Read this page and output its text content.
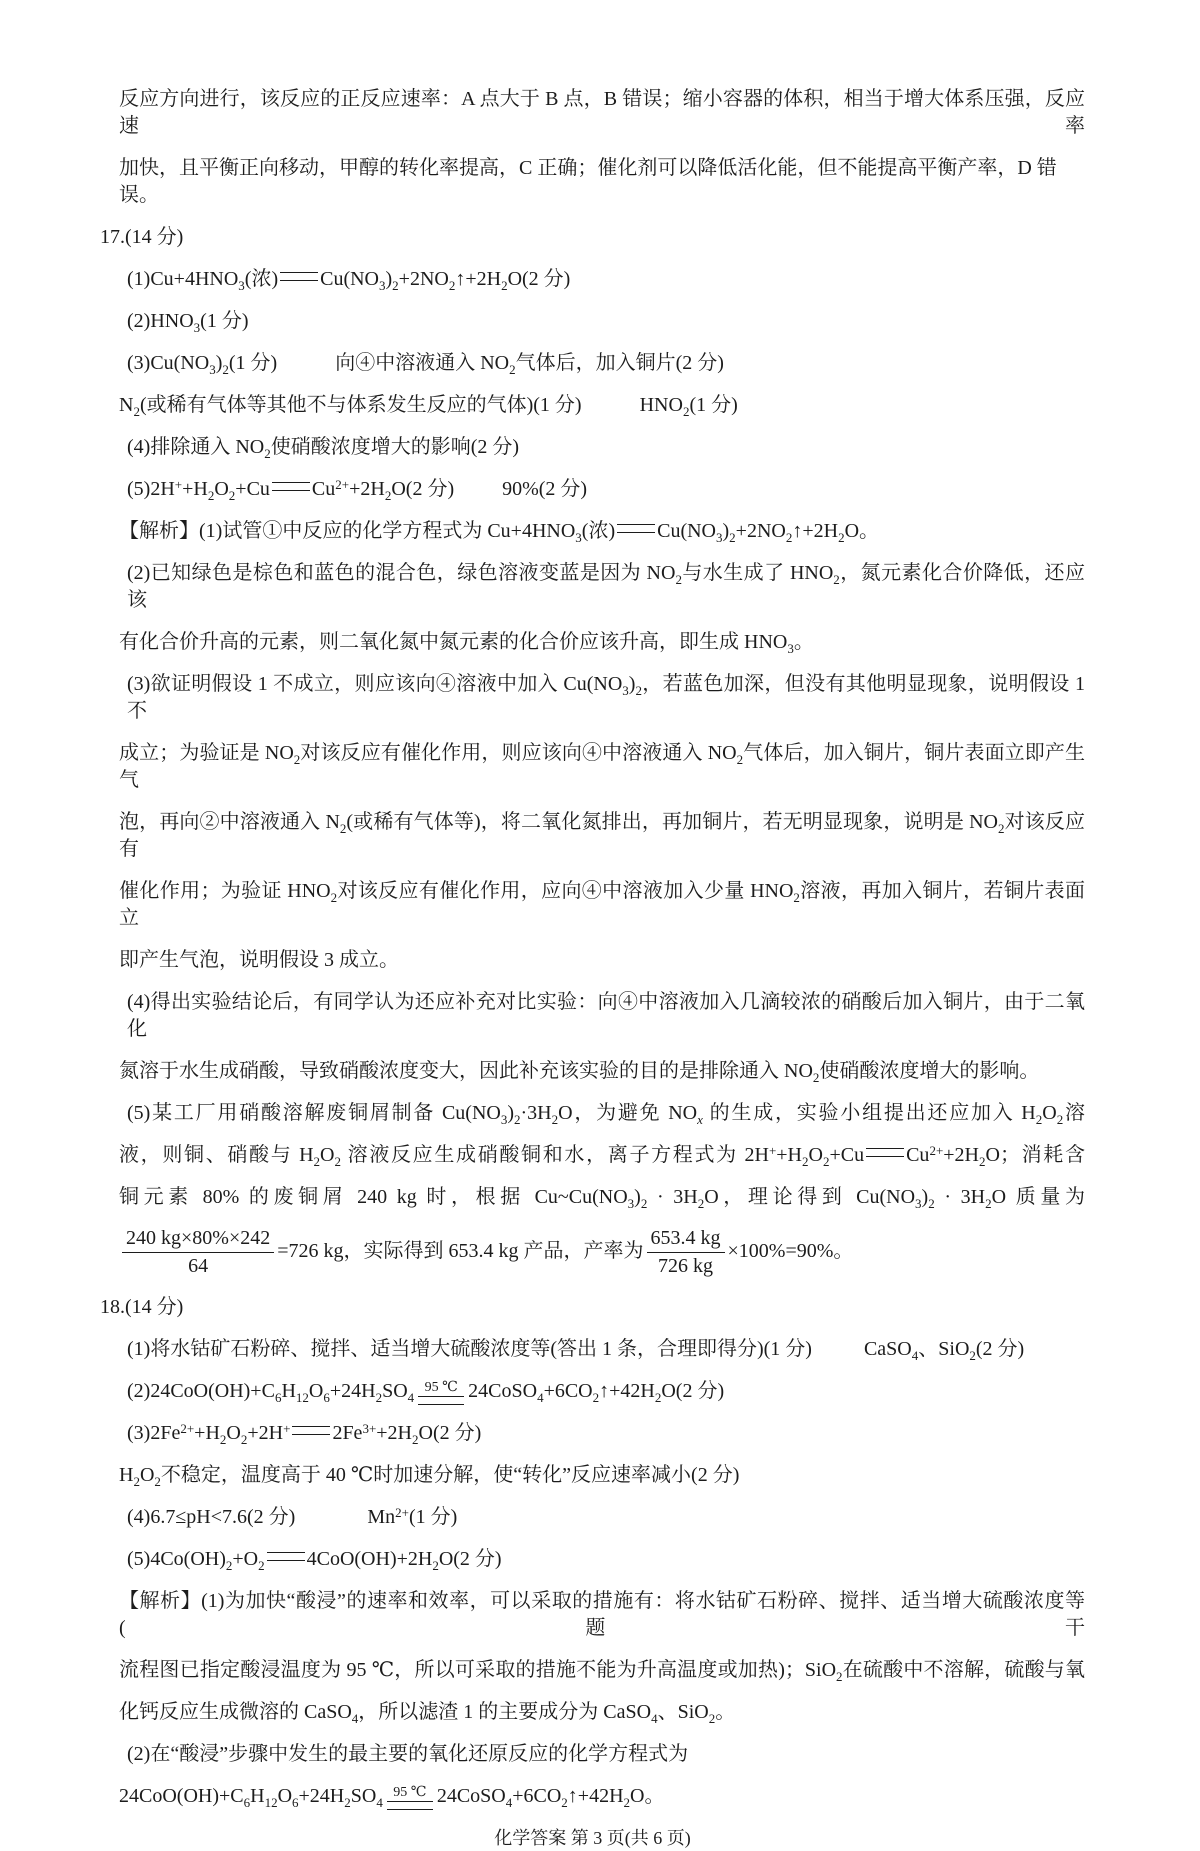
反应方向进行，该反应的正反应速率：A 点大于 B 点，B 错误；缩小容器的体积，相当于增大体系压强，反应速率
加快，且平衡正向移动，甲醇的转化率提高，C 正确；催化剂可以降低活化能，但不能提高平衡产率，D 错误。
17.(14 分)
$(1)Cu+4HNO_3$(浓) $Cu(NO_3)_2+2NO_2↑+2H_2O(2$ 分)
$(2)HNO_3(1$ 分)
$(3)Cu(NO_3)_2(1$ 分)	向④中溶液通入 $NO_2$气体后，加入铜片(2 分)
$N_2$(或稀有气体等其他不与体系发生反应的气体)(1 分)	$HNO_2(1$ 分)
(4)排除通入 $NO_2$使硝酸浓度增大的影响(2 分)
$(5)2H^++H_2O_2+Cu$ $Cu^{2+}+2H_2O(2$ 分) 90%(2 分)
【解析】(1)试管①中反应的化学方程式为 $Cu+4HNO_3$(浓) $Cu(NO_3)_2+2NO_2↑+2H_2O$。
(2)已知绿色是棕色和蓝色的混合色，绿色溶液变蓝是因为 $NO_2$与水生成了 $HNO_2$，氮元素化合价降低，还应该
有化合价升高的元素，则二氧化氮中氮元素的化合价应该升高，即生成 $HNO_3$。
(3)欲证明假设 1 不成立，则应该向④溶液中加入 $Cu(NO_3)_2$，若蓝色加深，但没有其他明显现象，说明假设 1 不
成立；为验证是 $NO_2$对该反应有催化作用，则应该向④中溶液通入 $NO_2$气体后，加入铜片，铜片表面立即产生气
泡，再向②中溶液通入 $N_2$(或稀有气体等)，将二氧化氮排出，再加铜片，若无明显现象，说明是 $NO_2$对该反应有
催化作用；为验证 $HNO_2$对该反应有催化作用，应向④中溶液加入少量 $HNO_2$溶液，再加入铜片，若铜片表面立
即产生气泡，说明假设 3 成立。
(4)得出实验结论后，有同学认为还应补充对比实验：向④中溶液加入几滴较浓的硝酸后加入铜片，由于二氧化
氮溶于水生成硝酸，导致硝酸浓度变大，因此补充该实验的目的是排除通入 $NO_2$使硝酸浓度增大的影响。
(5)某工厂用硝酸溶解废铜屑制备 $Cu(NO_3)_2\cdot 3H_2O$，为避免 $NO_x$ 的生成，实验小组提出还应加入 $H_2O_2$溶
液，则铜、硝酸与 $H_2O_2$ 溶液反应生成硝酸铜和水，离子方程式为 $2H^++H_2O_2+Cu$ $Cu^{2+}+2H_2O$；消耗含
铜元素 80% 的废铜屑 240 kg 时，根据 $Cu\sim Cu(NO_3)_2 \cdot 3H_2O$，理论得到 $Cu(NO_3)_2 \cdot 3H_2O$ 质量为
$\frac{240 kg\times 80\%\times 242}{64} =726$ kg，实际得到 653.4 kg 产品，产率为 $\frac{653.4 kg}{726 kg} \times 100\%=90\%$。
18.(14 分)
(1)将水钴矿石粉碎、搅拌、适当增大硫酸浓度等(答出 1 条，合理即得分)(1 分)	CaSO$_4$、SiO$_2$(2 分)
$(2)24CoO(OH)+C_6H_{12}O_6+24H_2SO_4$
95 ℃ $24CoSO_4+6CO_2↑+42H_2O(2$ 分)
$(3)2Fe^{2+}+H_2O_2+2H^+$ $2Fe^{3+}+2H_2O(2$ 分)
$H_2O_2$不稳定，温度高于 40 ℃时加速分解，使“转化”反应速率减小(2 分)
(4)6.7≤pH<7.6(2 分)	$Mn^{2+}(1$ 分)
$(5)4Co(OH)_2+O_2$ $4CoO(OH)+2H_2O(2$ 分)
【解析】(1)为加快“酸浸”的速率和效率，可以采取的措施有：将水钴矿石粉碎、搅拌、适当增大硫酸浓度等(题干
流程图已指定酸浸温度为 95 ℃，所以可采取的措施不能为升高温度或加热)；SiO$_2$在硫酸中不溶解，硫酸与氧
化钙反应生成微溶的 CaSO$_4$，所以滤渣 1 的主要成分为 CaSO$_4$、SiO$_2$。
(2)在“酸浸”步骤中发生的最主要的氧化还原反应的化学方程式为
$24CoO(OH)+C_6H_{12}O_6+24H_2SO_4$
95 ℃ $24CoSO_4+6CO_2↑+42H_2O$。
化学答案 第 3 页(共 6 页)
